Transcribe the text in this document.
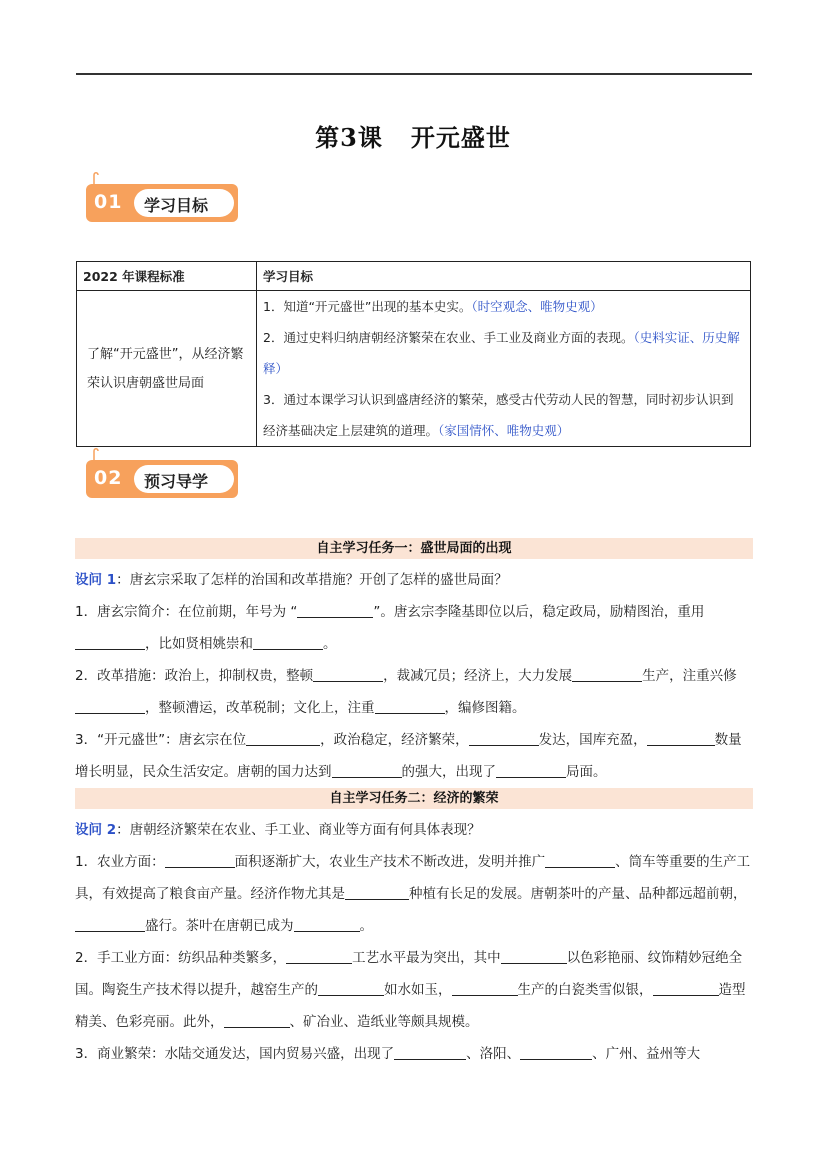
第3课   开元盛世
01 学习目标
2022 年课程标准	学习目标
了解“开元盛世”，从经济繁荣认识唐朝盛世局面	1．知道“开元盛世”出现的基本史实。（时空观念、唯物史观）
2．通过史料归纳唐朝经济繁荣在农业、手工业及商业方面的表现。（史料实证、历史解释）
3．通过本课学习认识到盛唐经济的繁荣，感受古代劳动人民的智慧，同时初步认识到经济基础决定上层建筑的道理。（家国情怀、唯物史观）
02 预习导学
自主学习任务一：盛世局面的出现
设问 1：唐玄宗采取了怎样的治国和改革措施？开创了怎样的盛世局面？
1．唐玄宗简介：在位前期，年号为 “	”。唐玄宗李隆基即位以后，稳定政局，励精图治，重用，比如贤相姚崇和	。
2．改革措施：政治上，抑制权贵，整顿	，裁减冗员；经济上，大力发展	生产，注重兴修，整顿漕运，改革税制；文化上，注重	，编修图籍。
3．“开元盛世”：唐玄宗在位	，政治稳定，经济繁荣，	发达，国库充盈，	数量增长明显，民众生活安定。唐朝的国力达到	的强大，出现了	局面。
自主学习任务二：经济的繁荣
设问 2：唐朝经济繁荣在农业、手工业、商业等方面有何具体表现？
1．农业方面：	面积逐渐扩大，农业生产技术不断改进，发明并推广	、筒车等重要的生产工具，有效提高了粮食亩产量。经济作物尤其是	种植有长足的发展。唐朝茶叶的产量、品种都远超前朝，盛行。茶叶在唐朝已成为	。
2．手工业方面：纺织品种类繁多，	工艺水平最为突出，其中	以色彩艳丽、纹饰精妙冠绝全国。陶瓷生产技术得以提升，越窑生产的	如水如玉，	生产的白瓷类雪似银，	造型精美、色彩亮丽。此外，	、矿冶业、造纸业等颇具规模。
3．商业繁荣：水陆交通发达，国内贸易兴盛，出现了	、洛阳、	、广州、益州等大
